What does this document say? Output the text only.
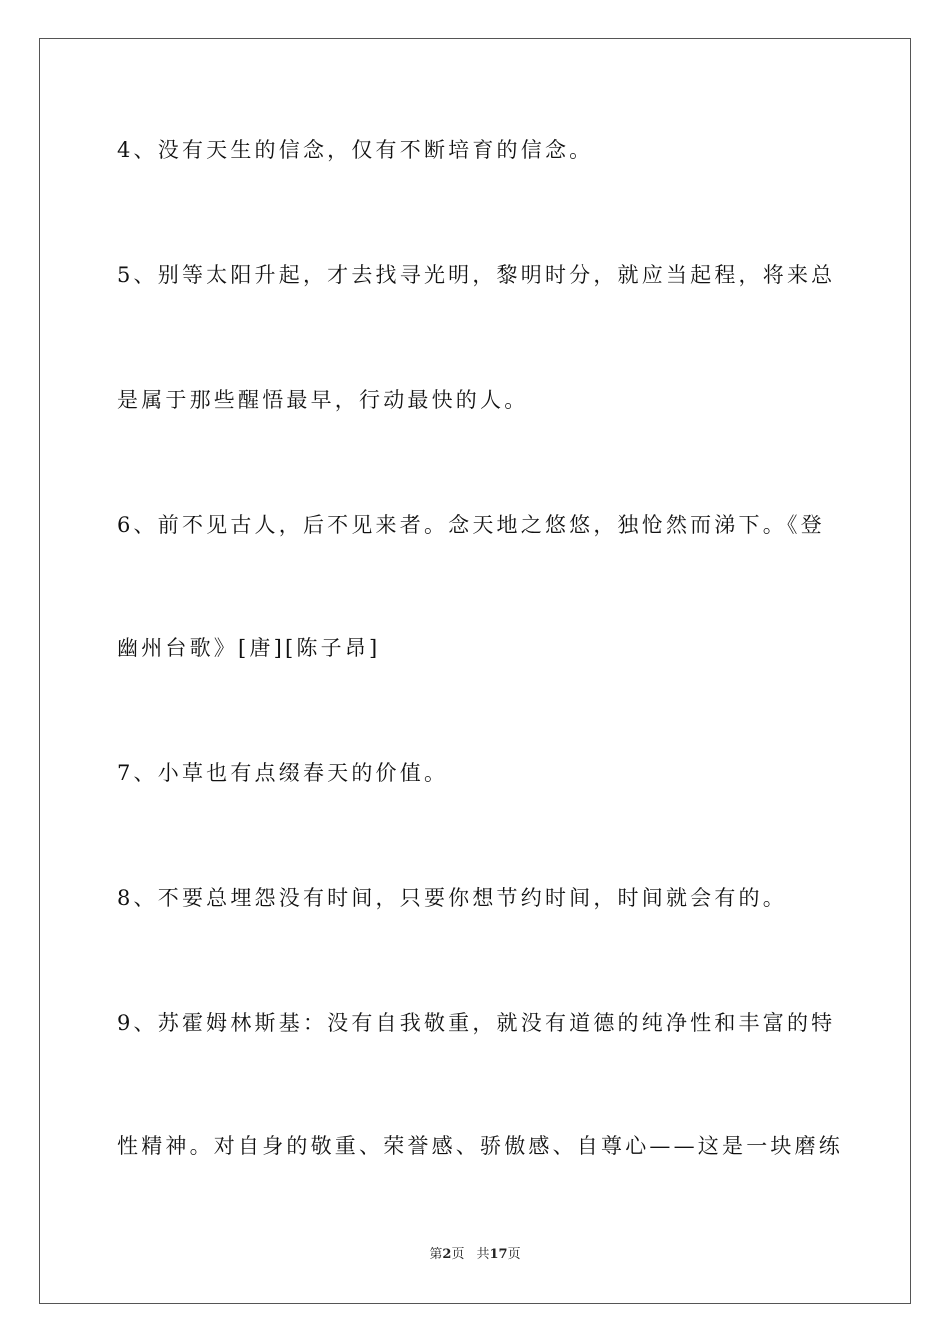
4、没有天生的信念，仅有不断培育的信念。
5、别等太阳升起，才去找寻光明，黎明时分，就应当起程，将来总
是属于那些醒悟最早，行动最快的人。
6、前不见古人，后不见来者。念天地之悠悠，独怆然而涕下。《登
幽州台歌》[唐][陈子昂]
7、小草也有点缀春天的价值。
8、不要总埋怨没有时间，只要你想节约时间，时间就会有的。
9、苏霍姆林斯基：没有自我敬重，就没有道德的纯净性和丰富的特
性精神。对自身的敬重、荣誉感、骄傲感、自尊心——这是一块磨练
第2页 共17页
